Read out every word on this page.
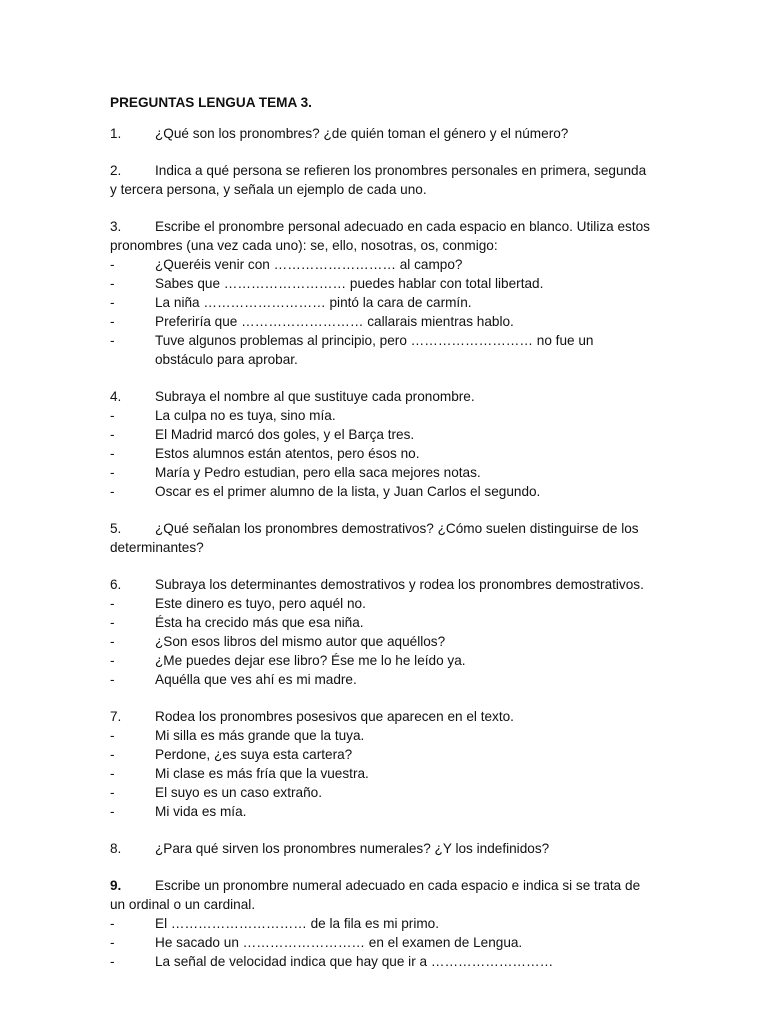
PREGUNTAS LENGUA TEMA 3.

1. ¿Qué son los pronombres? ¿de quién toman el género y el número?

2. Indica a qué persona se refieren los pronombres personales en primera, segunda y tercera persona, y señala un ejemplo de cada uno.

3. Escribe el pronombre personal adecuado en cada espacio en blanco. Utiliza estos pronombres (una vez cada uno): se, ello, nosotras, os, conmigo:

-	¿Queréis venir con ……………………… al campo?
-	Sabes que ……………………… puedes hablar con total libertad.
-	La niña ……………………… pintó la cara de carmín.
-	Preferiría que ……………………… callarais mientras hablo.
-	Tuve algunos problemas al principio, pero ……………………… no fue un obstáculo para aprobar.

4. Subraya el nombre al que sustituye cada pronombre.

-	La culpa no es tuya, sino mía.
-	El Madrid marcó dos goles, y el Barça tres.
-	Estos alumnos están atentos, pero ésos no.
-	María y Pedro estudian, pero ella saca mejores notas.
-	Oscar es el primer alumno de la lista, y Juan Carlos el segundo.

5. ¿Qué señalan los pronombres demostrativos? ¿Cómo suelen distinguirse de los determinantes?

6. Subraya los determinantes demostrativos y rodea los pronombres demostrativos.

-	Este dinero es tuyo, pero aquél no.
-	Ésta ha crecido más que esa niña.
-	¿Son esos libros del mismo autor que aquéllos?
-	¿Me puedes dejar ese libro? Ése me lo he leído ya.
-	Aquélla que ves ahí es mi madre.

7. Rodea los pronombres posesivos que aparecen en el texto.

-	Mi silla es más grande que la tuya.
-	Perdone, ¿es suya esta cartera?
-	Mi clase es más fría que la vuestra.
-	El suyo es un caso extraño.
-	Mi vida es mía.

8. ¿Para qué sirven los pronombres numerales? ¿Y los indefinidos?

9. Escribe un pronombre numeral adecuado en cada espacio e indica si se trata de un ordinal o un cardinal.

-	El ………………………… de la fila es mi primo.
-	He sacado un ……………………… en el examen de Lengua.
-	La señal de velocidad indica que hay que ir a ………………………
